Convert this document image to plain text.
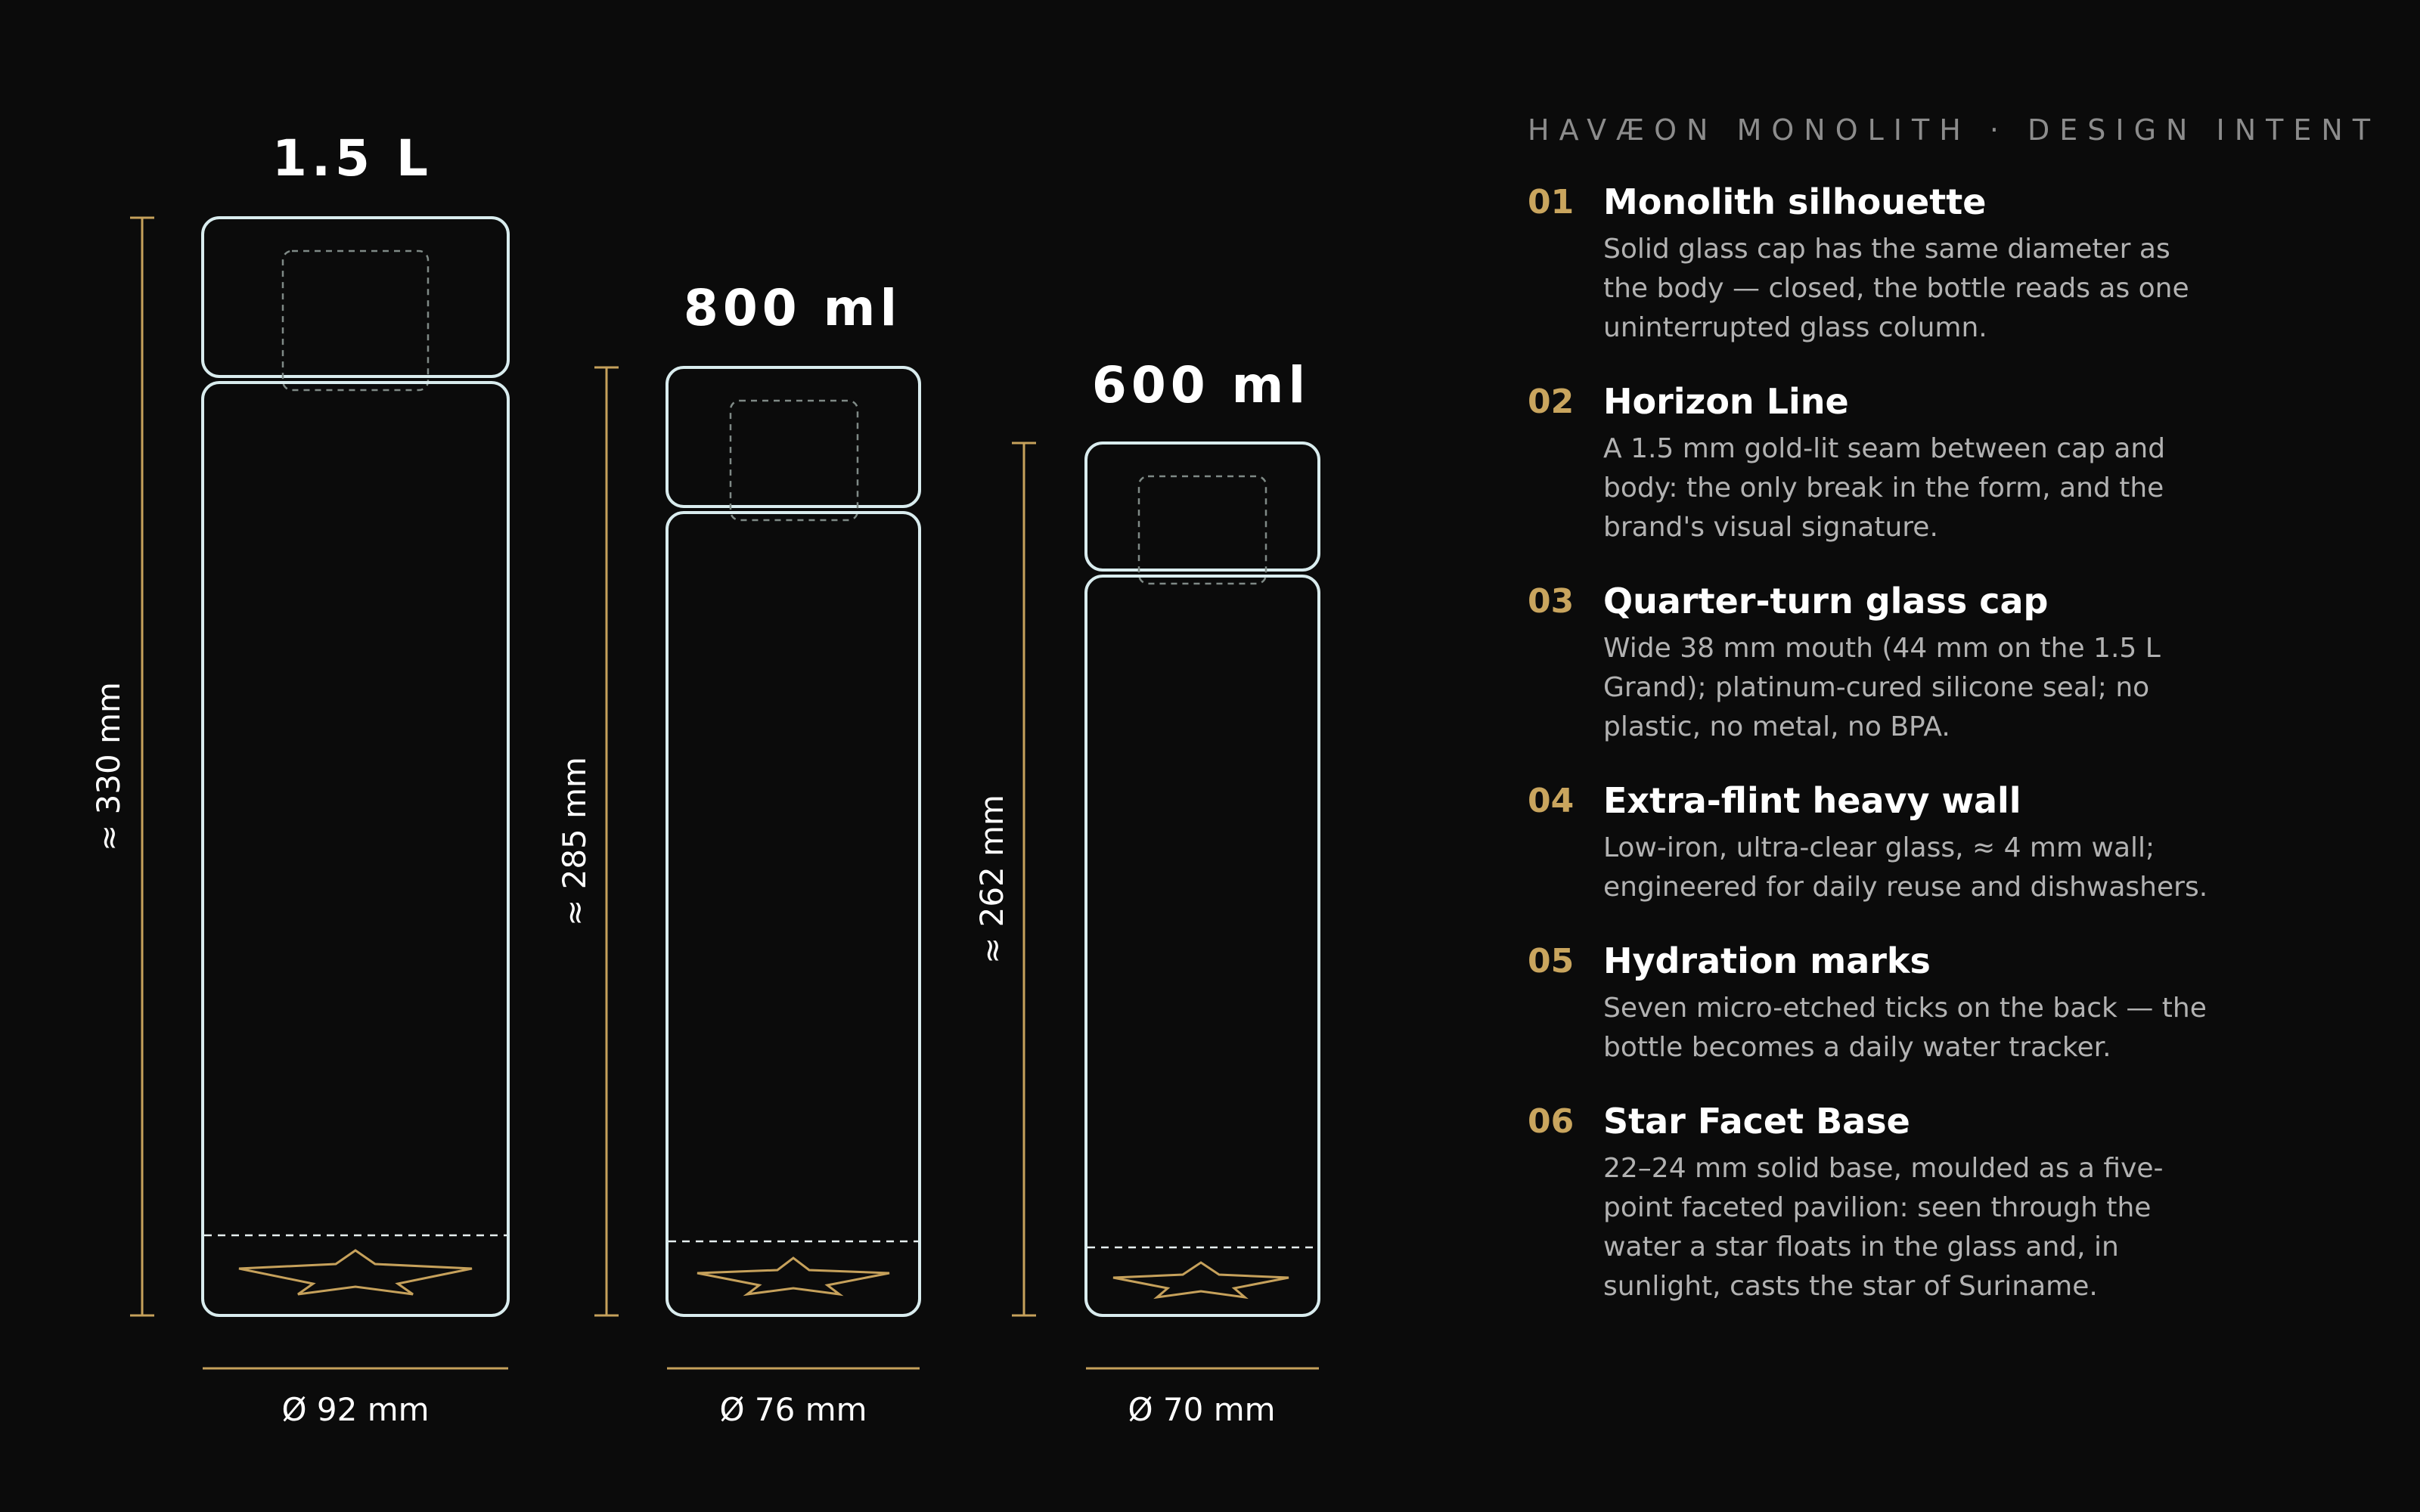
1.5 L
≈ 330 mm
Ø 92 mm
800 ml
≈ 285 mm
Ø 76 mm
600 ml
≈ 262 mm
Ø 70 mm
HAVÆON MONOLITH · DESIGN INTENT
01 Monolith silhouette
Solid glass cap has the same diameter as the body — closed, the bottle reads as one uninterrupted glass column.
02 Horizon Line
A 1.5 mm gold-lit seam between cap and body: the only break in the form, and the brand's visual signature.
03 Quarter-turn glass cap
Wide 38 mm mouth (44 mm on the 1.5 L Grand); platinum-cured silicone seal; no plastic, no metal, no BPA.
04 Extra-flint heavy wall
Low-iron, ultra-clear glass, ≈ 4 mm wall; engineered for daily reuse and dishwashers.
05 Hydration marks
Seven micro-etched ticks on the back — the bottle becomes a daily water tracker.
06 Star Facet Base
22–24 mm solid base, moulded as a five-point faceted pavilion: seen through the water a star floats in the glass and, in sunlight, casts the star of Suriname.
